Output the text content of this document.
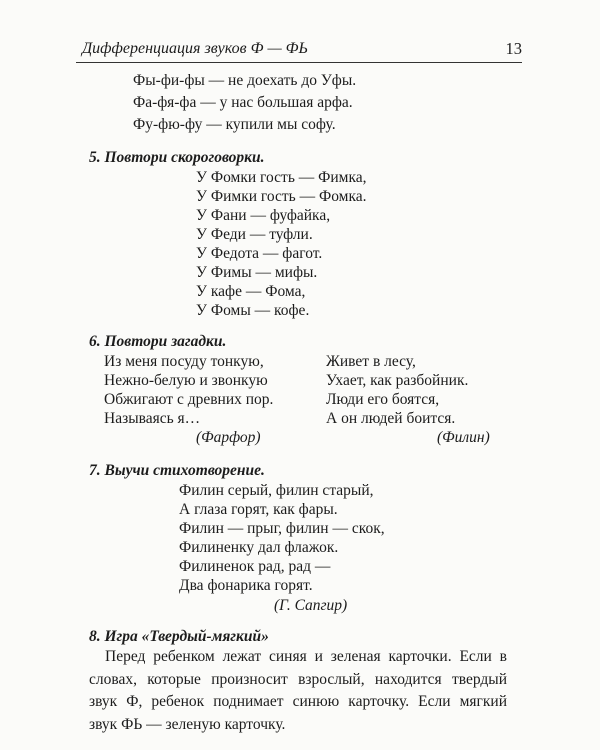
Дифференциация звуков Ф — ФЬ	13
Фы-фи-фы — не доехать до Уфы.
Фа-фя-фа — у нас большая арфа.
Фу-фю-фу — купили мы софу.
5. Повтори скороговорки.
У Фомки гость — Фимка,
У Фимки гость — Фомка.
У Фани — фуфайка,
У Феди — туфли.
У Федота — фагот.
У Фимы — мифы.
У кафе — Фома,
У Фомы — кофе.
6. Повтори загадки.
Из меня посуду тонкую,
Нежно-белую и звонкую
Обжигают с древних пор.
Называясь я…
(Фарфор)
Живет в лесу,
Ухает, как разбойник.
Люди его боятся,
А он людей боится.
(Филин)
7. Выучи стихотворение.
Филин серый, филин старый,
А глаза горят, как фары.
Филин — прыг, филин — скок,
Филиненку дал флажок.
Филиненок рад, рад —
Два фонарика горят.
(Г. Сапгир)
8. Игра «Твердый-мягкий»
Перед ребенком лежат синяя и зеленая карточки. Если в
словах, которые произносит взрослый, находится твердый
звук Ф, ребенок поднимает синюю карточку. Если мягкий
звук ФЬ — зеленую карточку.
